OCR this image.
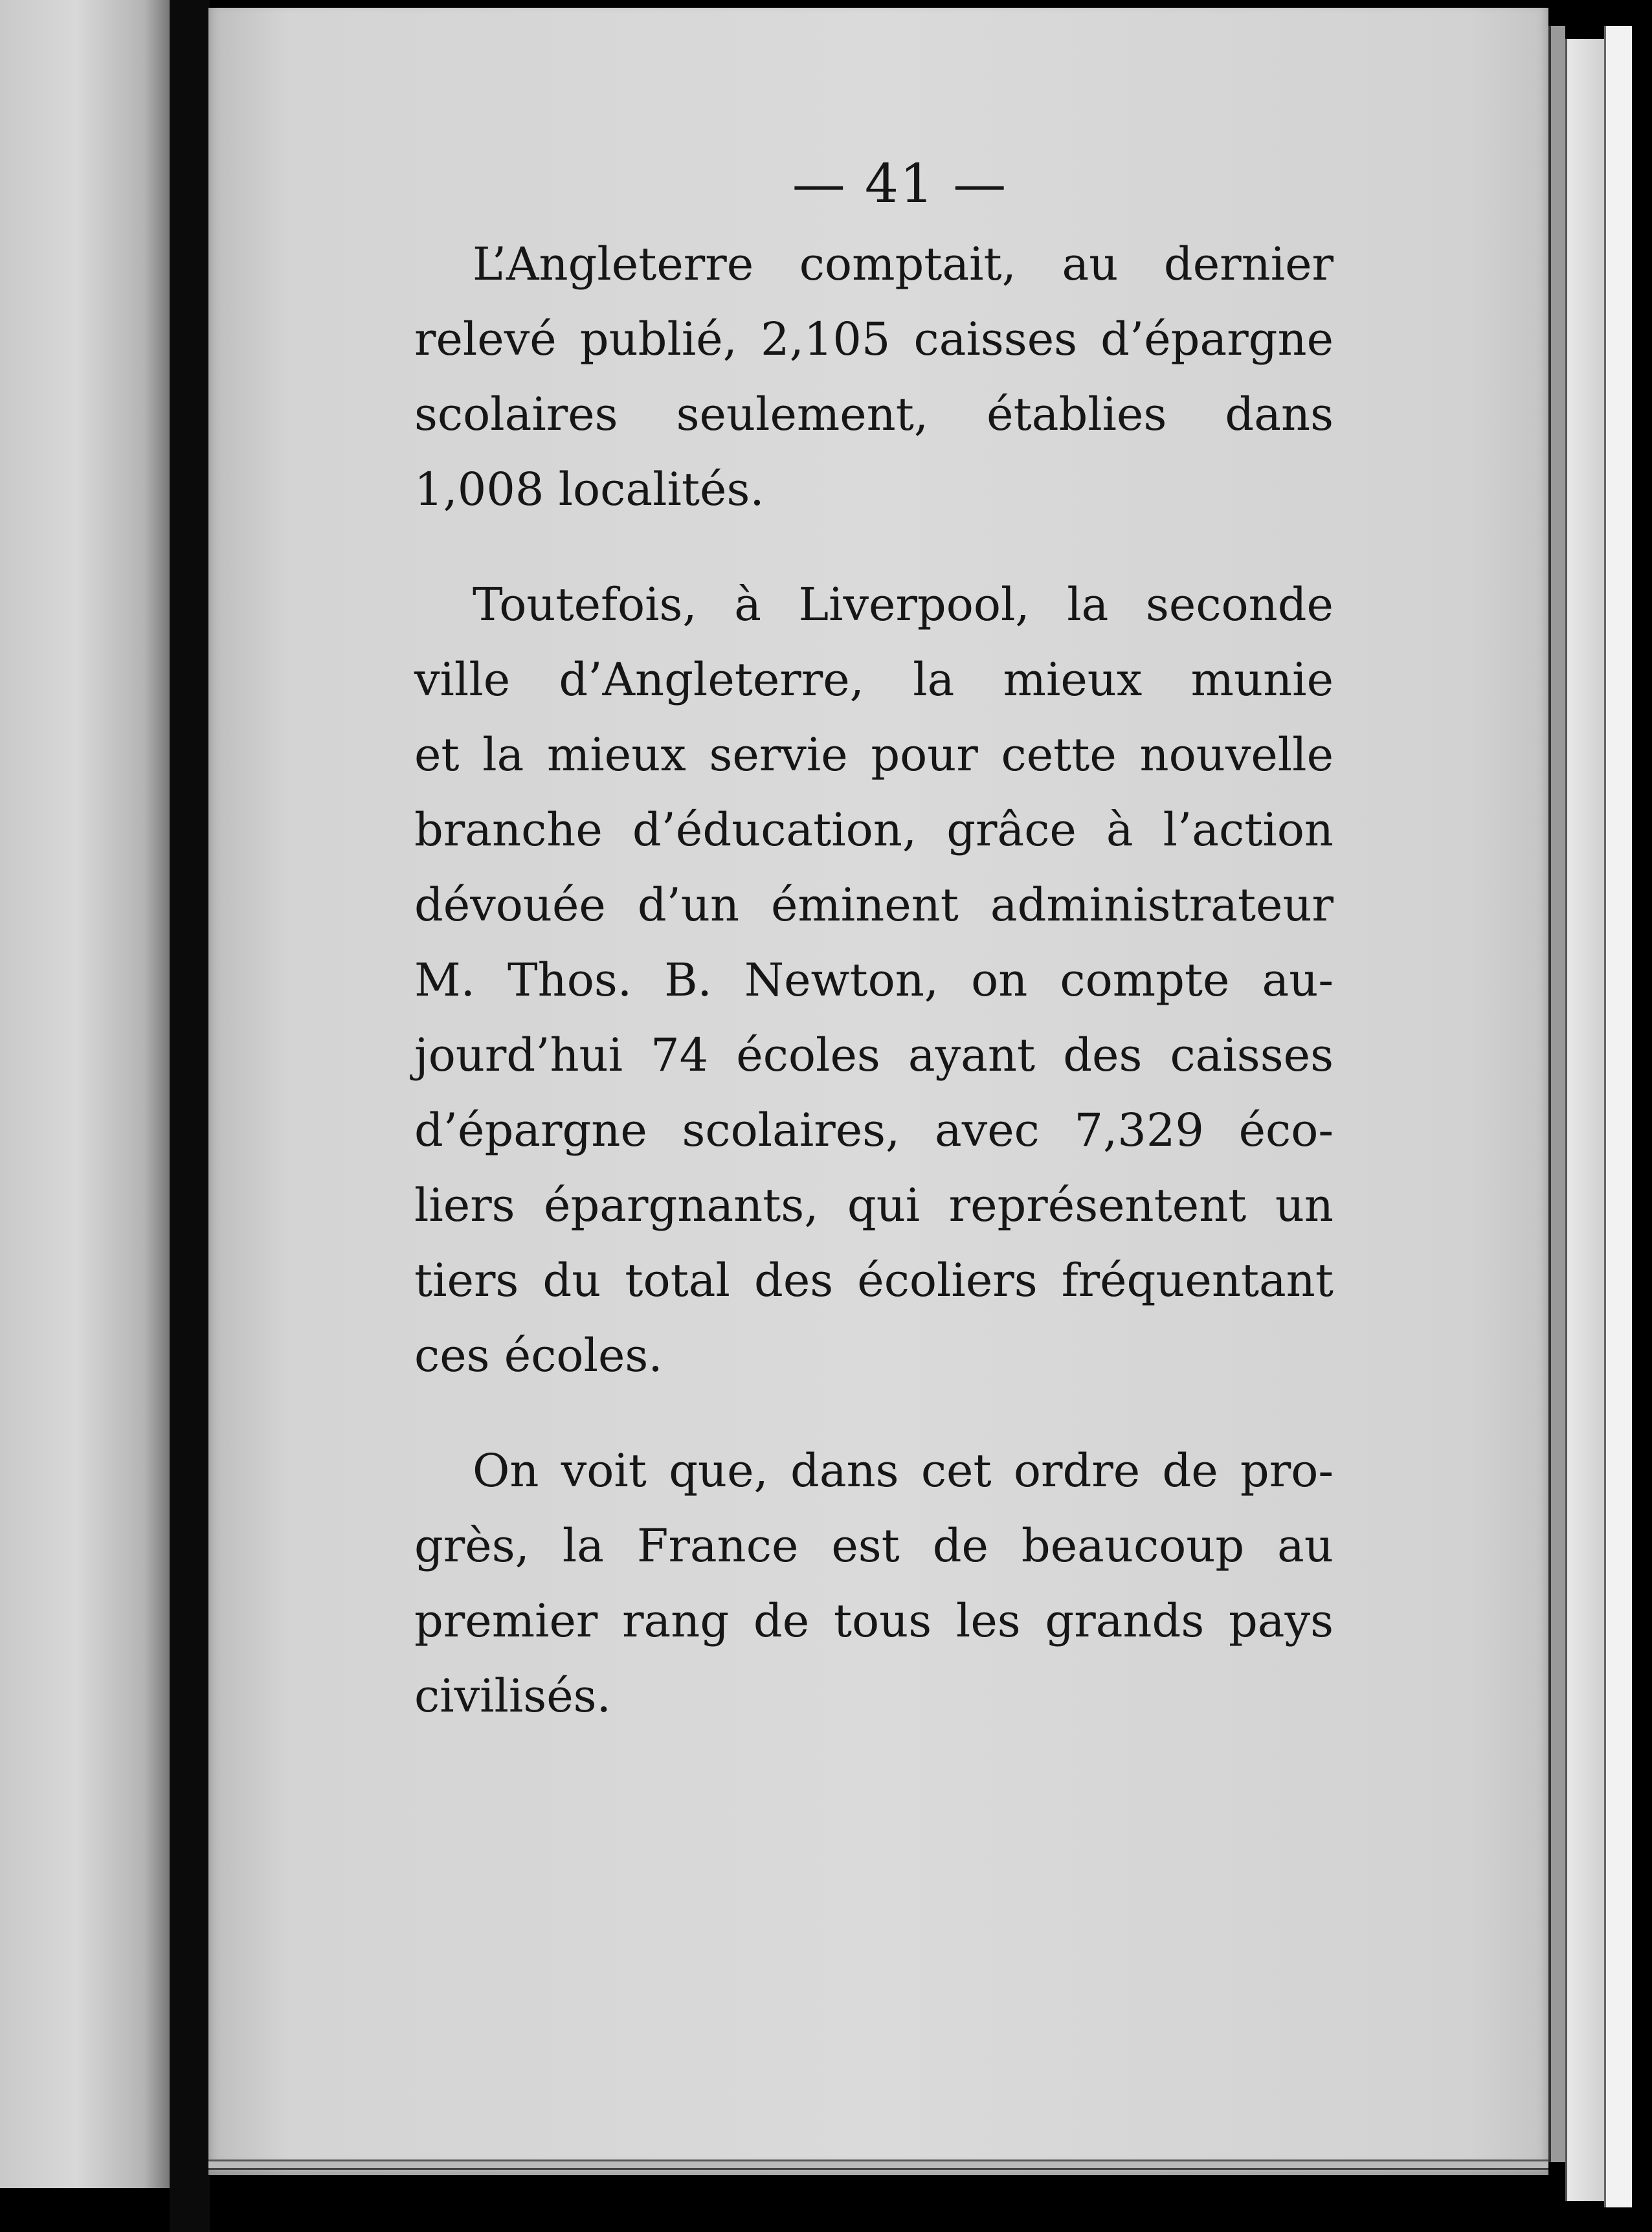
— 41 —

L’Angleterre comptait, au dernier
relevé publié, 2,105 caisses d’épargne
scolaires seulement, établies dans
1,008 localités.

Toutefois, à Liverpool, la seconde
ville d’Angleterre, la mieux munie
et la mieux servie pour cette nouvelle
branche d’éducation, grâce à l’action
dévouée d’un éminent administrateur
M. Thos. B. Newton, on compte au-
jourd’hui 74 écoles ayant des caisses
d’épargne scolaires, avec 7,329 éco-
liers épargnants, qui représentent un
tiers du total des écoliers fréquentant
ces écoles.

On voit que, dans cet ordre de pro-
grès, la France est de beaucoup au
premier rang de tous les grands pays
civilisés.
